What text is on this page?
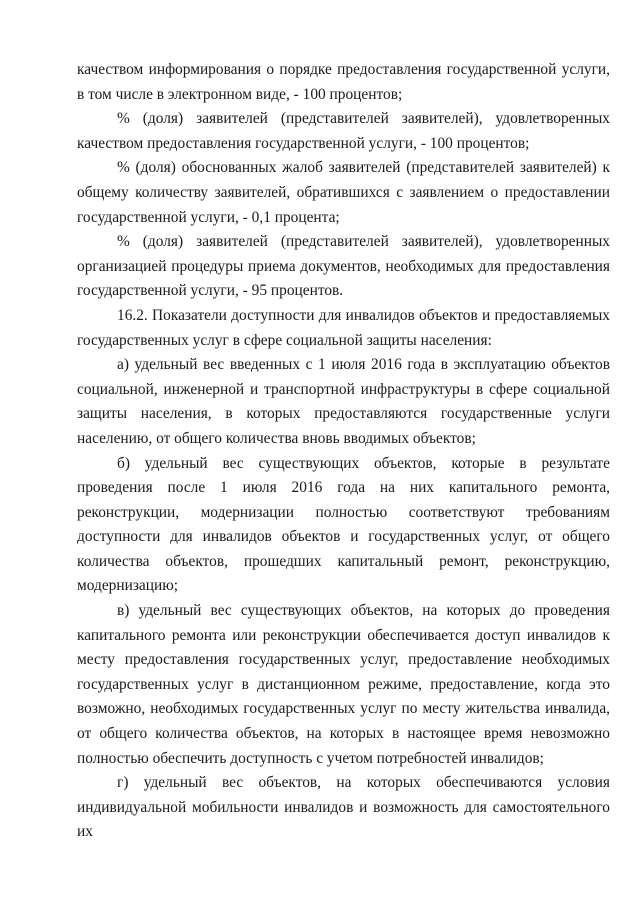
качеством информирования о порядке предоставления государственной услуги, в том числе в электронном виде, - 100 процентов;

% (доля) заявителей (представителей заявителей), удовлетворенных качеством предоставления государственной услуги, - 100 процентов;

% (доля) обоснованных жалоб заявителей (представителей заявителей) к общему количеству заявителей, обратившихся с заявлением о предоставлении государственной услуги, - 0,1 процента;

% (доля) заявителей (представителей заявителей), удовлетворенных организацией процедуры приема документов, необходимых для предоставления государственной услуги, - 95 процентов.

16.2. Показатели доступности для инвалидов объектов и предоставляемых государственных услуг в сфере социальной защиты населения:

а) удельный вес введенных с 1 июля 2016 года в эксплуатацию объектов социальной, инженерной и транспортной инфраструктуры в сфере социальной защиты населения, в которых предоставляются государственные услуги населению, от общего количества вновь вводимых объектов;

б) удельный вес существующих объектов, которые в результате проведения после 1 июля 2016 года на них капитального ремонта, реконструкции, модернизации полностью соответствуют требованиям доступности для инвалидов объектов и государственных услуг, от общего количества объектов, прошедших капитальный ремонт, реконструкцию, модернизацию;

в) удельный вес существующих объектов, на которых до проведения капитального ремонта или реконструкции обеспечивается доступ инвалидов к месту предоставления государственных услуг, предоставление необходимых государственных услуг в дистанционном режиме, предоставление, когда это возможно, необходимых государственных услуг по месту жительства инвалида, от общего количества объектов, на которых в настоящее время невозможно полностью обеспечить доступность с учетом потребностей инвалидов;

г) удельный вес объектов, на которых обеспечиваются условия индивидуальной мобильности инвалидов и возможность для самостоятельного их
